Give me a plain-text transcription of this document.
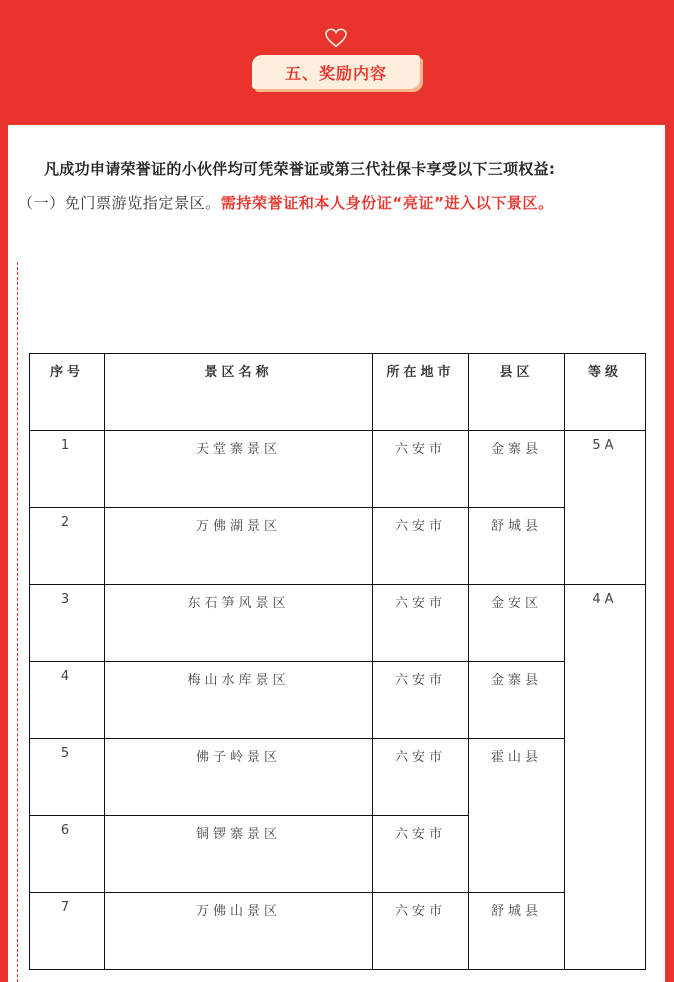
五、奖励内容
凡成功申请荣誉证的小伙伴均可凭荣誉证或第三代社保卡享受以下三项权益:
（一）免门票游览指定景区。需持荣誉证和本人身份证“亮证”进入以下景区。
序号	景区名称	所在地市	县区	等级
1	天堂寨景区	六安市	金寨县	5A
2	万佛湖景区	六安市	舒城县	
3	东石笋风景区	六安市	金安区	4A
4	梅山水库景区	六安市	金寨县	
5	佛子岭景区	六安市	霍山县	
6	铜锣寨景区	六安市		
7	万佛山景区	六安市	舒城县	
